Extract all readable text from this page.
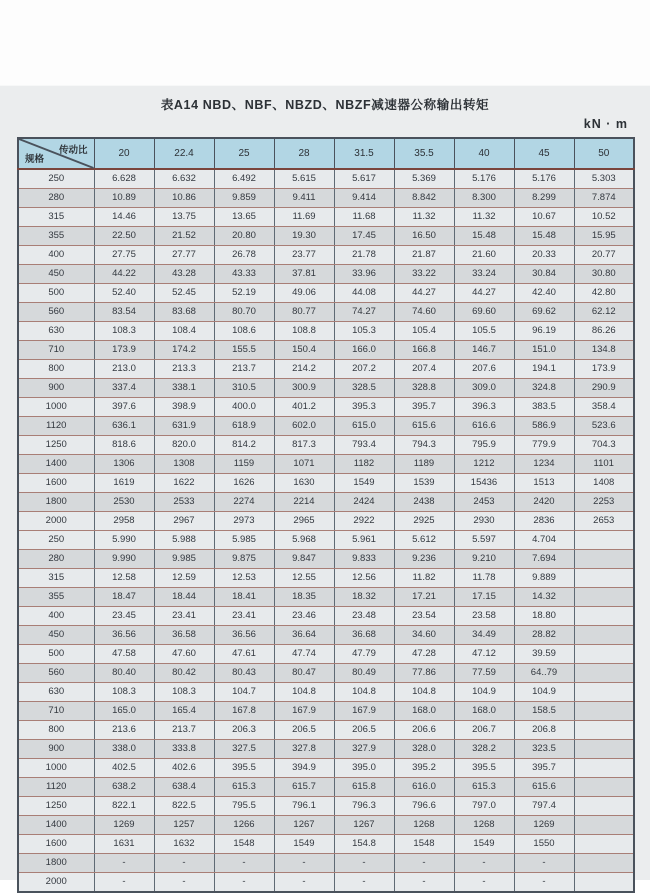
表A14 NBD、NBF、NBZD、NBZF减速器公称输出转矩
kN · m
传动比
规格	20	22.4	25	28	31.5	35.5	40	45	50
250	6.628	6.632	6.492	5.615	5.617	5.369	5.176	5.176	5.303
280	10.89	10.86	9.859	9.411	9.414	8.842	8.300	8.299	7.874
315	14.46	13.75	13.65	11.69	11.68	11.32	11.32	10.67	10.52
355	22.50	21.52	20.80	19.30	17.45	16.50	15.48	15.48	15.95
400	27.75	27.77	26.78	23.77	21.78	21.87	21.60	20.33	20.77
450	44.22	43.28	43.33	37.81	33.96	33.22	33.24	30.84	30.80
500	52.40	52.45	52.19	49.06	44.08	44.27	44.27	42.40	42.80
560	83.54	83.68	80.70	80.77	74.27	74.60	69.60	69.62	62.12
630	108.3	108.4	108.6	108.8	105.3	105.4	105.5	96.19	86.26
710	173.9	174.2	155.5	150.4	166.0	166.8	146.7	151.0	134.8
800	213.0	213.3	213.7	214.2	207.2	207.4	207.6	194.1	173.9
900	337.4	338.1	310.5	300.9	328.5	328.8	309.0	324.8	290.9
1000	397.6	398.9	400.0	401.2	395.3	395.7	396.3	383.5	358.4
1120	636.1	631.9	618.9	602.0	615.0	615.6	616.6	586.9	523.6
1250	818.6	820.0	814.2	817.3	793.4	794.3	795.9	779.9	704.3
1400	1306	1308	1159	1071	1182	1189	1212	1234	1101
1600	1619	1622	1626	1630	1549	1539	15436	1513	1408
1800	2530	2533	2274	2214	2424	2438	2453	2420	2253
2000	2958	2967	2973	2965	2922	2925	2930	2836	2653
250	5.990	5.988	5.985	5.968	5.961	5.612	5.597	4.704	
280	9.990	9.985	9.875	9.847	9.833	9.236	9.210	7.694	
315	12.58	12.59	12.53	12.55	12.56	11.82	11.78	9.889	
355	18.47	18.44	18.41	18.35	18.32	17.21	17.15	14.32	
400	23.45	23.41	23.41	23.46	23.48	23.54	23.58	18.80	
450	36.56	36.58	36.56	36.64	36.68	34.60	34.49	28.82	
500	47.58	47.60	47.61	47.74	47.79	47.28	47.12	39.59	
560	80.40	80.42	80.43	80.47	80.49	77.86	77.59	64..79	
630	108.3	108.3	104.7	104.8	104.8	104.8	104.9	104.9	
710	165.0	165.4	167.8	167.9	167.9	168.0	168.0	158.5	
800	213.6	213.7	206.3	206.5	206.5	206.6	206.7	206.8	
900	338.0	333.8	327.5	327.8	327.9	328.0	328.2	323.5	
1000	402.5	402.6	395.5	394.9	395.0	395.2	395.5	395.7	
1120	638.2	638.4	615.3	615.7	615.8	616.0	615.3	615.6	
1250	822.1	822.5	795.5	796.1	796.3	796.6	797.0	797.4	
1400	1269	1257	1266	1267	1267	1268	1268	1269	
1600	1631	1632	1548	1549	154.8	1548	1549	1550	
1800	-	-	-	-	-	-	-	-	
2000	-	-	-	-	-	-	-	-	
